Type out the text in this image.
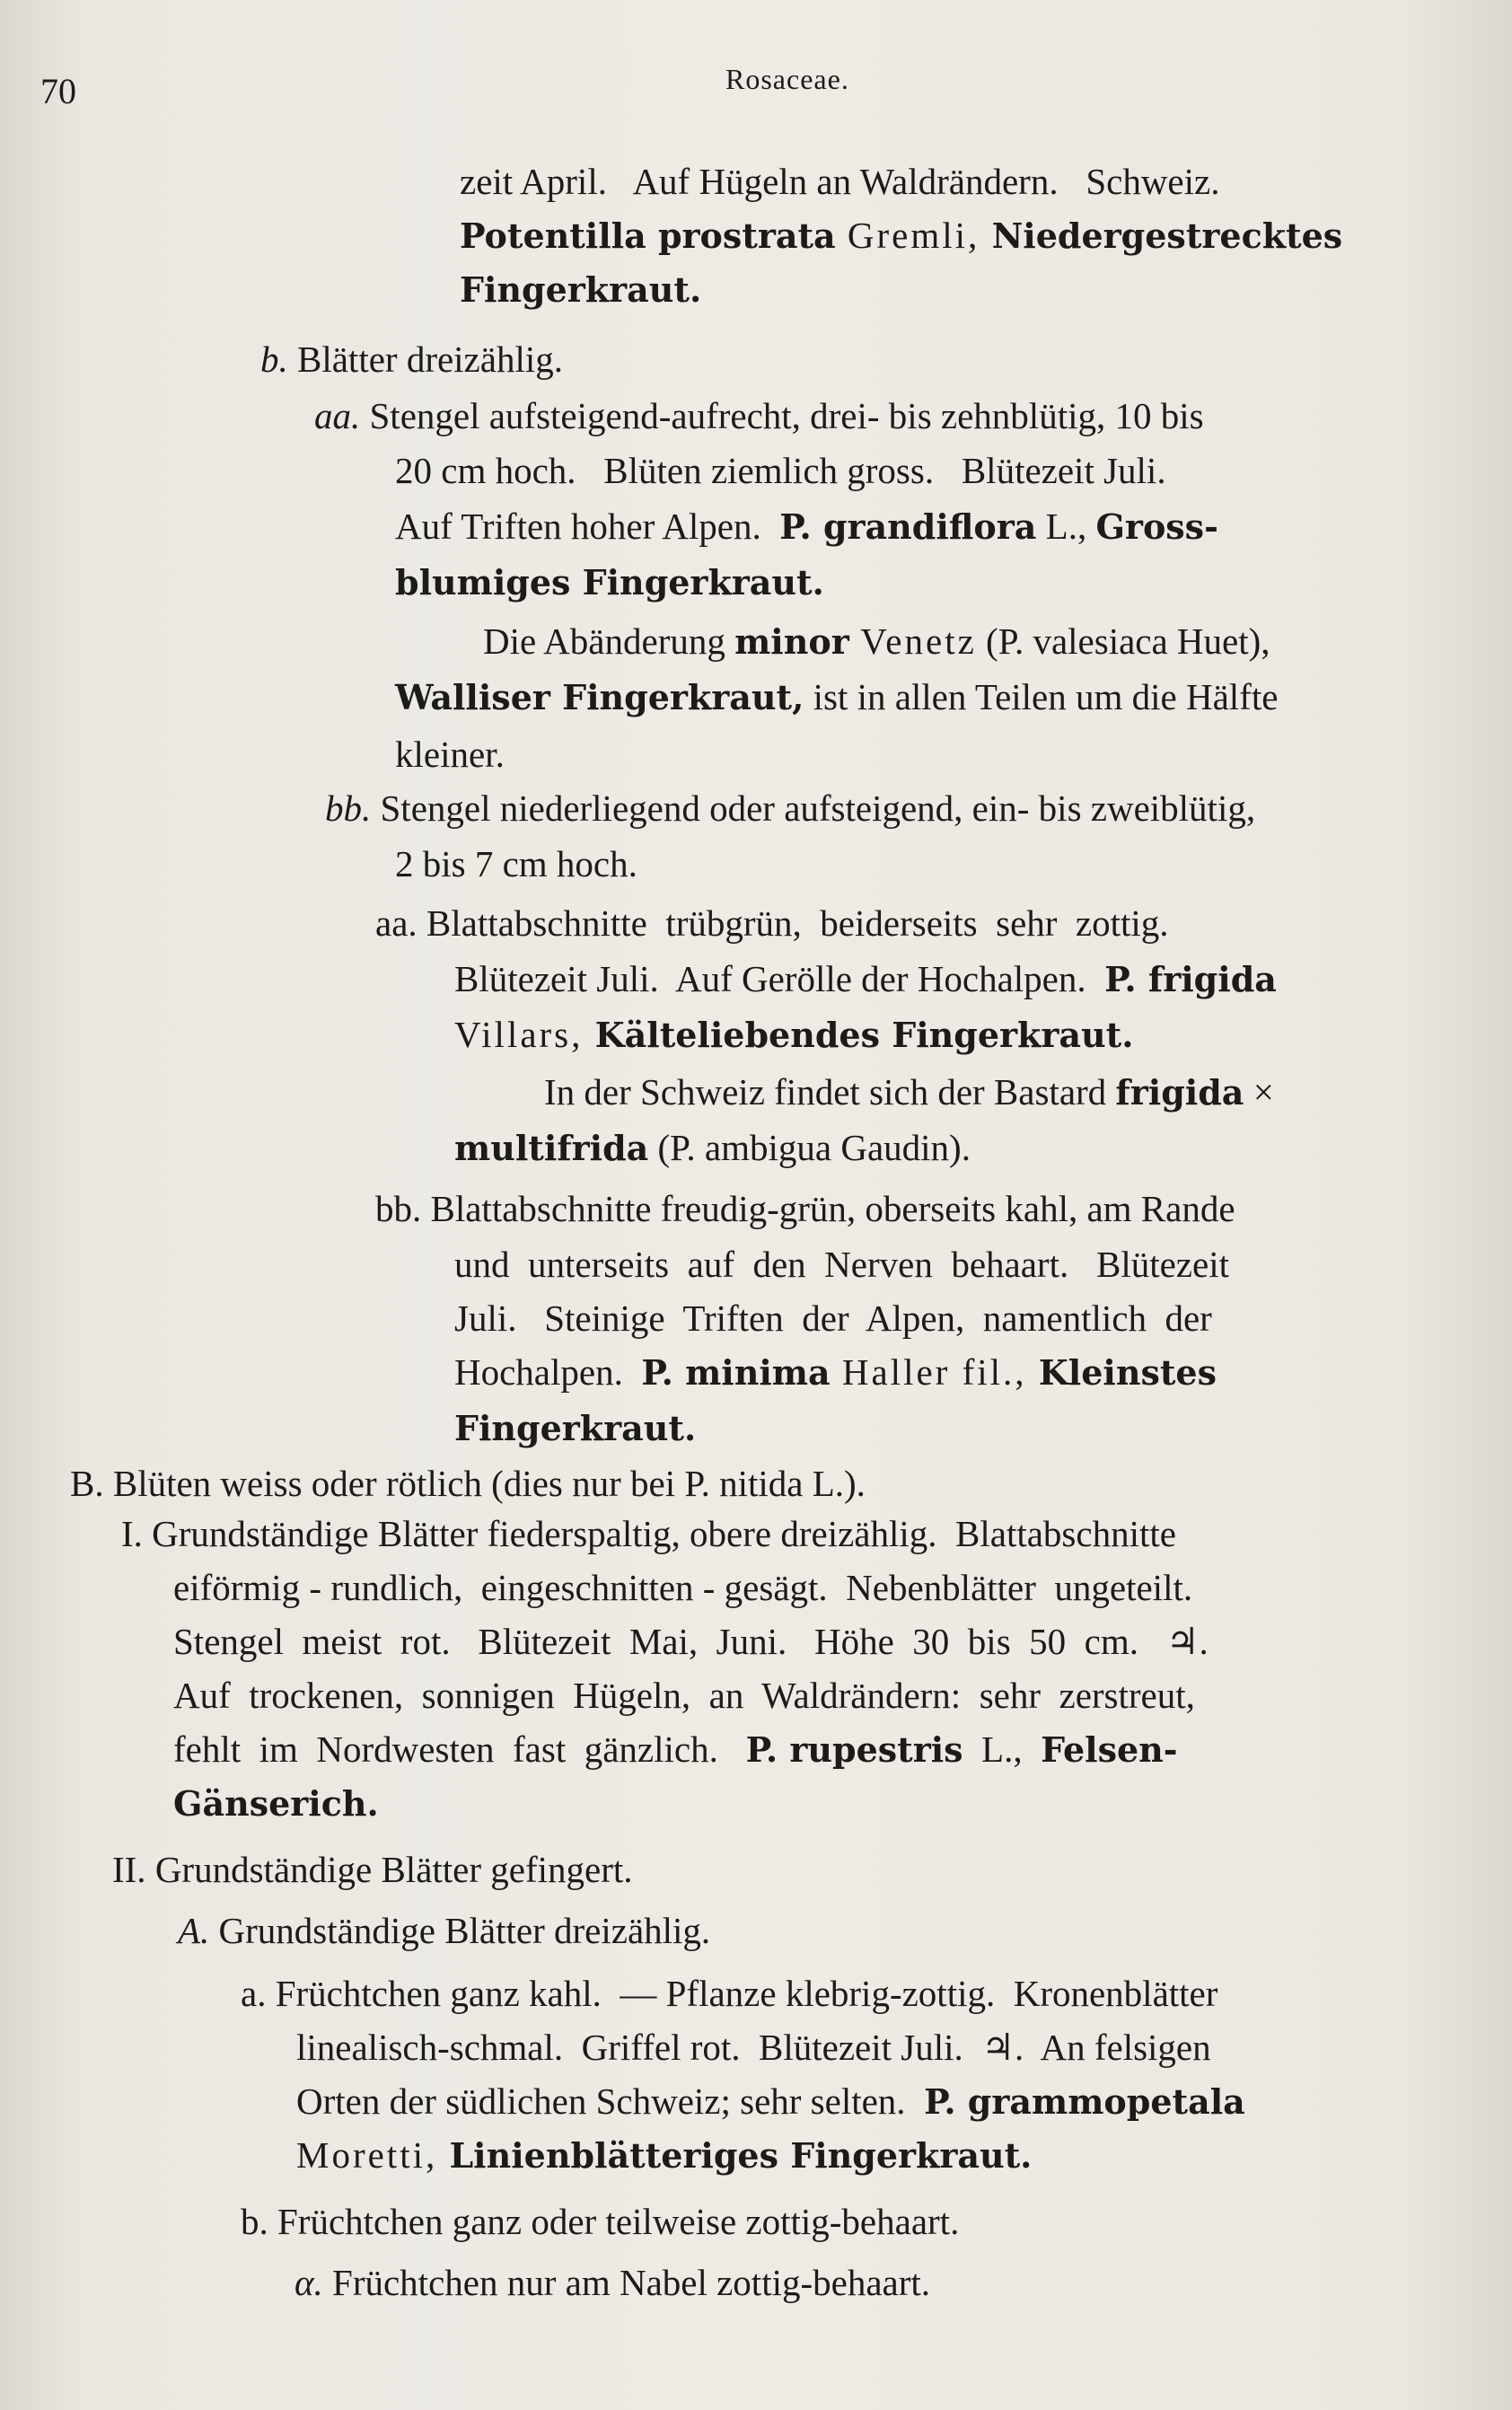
70	Rosaceae.
zeit April.   Auf Hügeln an Waldrändern.   Schweiz.
Potentilla prostrata Gremli, Niedergestrecktes
Fingerkraut.
b. Blätter dreizählig.
aa. Stengel aufsteigend-aufrecht, drei- bis zehnblütig, 10 bis
20 cm hoch.   Blüten ziemlich gross.   Blütezeit Juli.
Auf Triften hoher Alpen.  P. grandiflora L., Gross-
blumiges Fingerkraut.
Die Abänderung minor Venetz (P. valesiaca Huet),
Walliser Fingerkraut, ist in allen Teilen um die Hälfte
kleiner.
bb. Stengel niederliegend oder aufsteigend, ein- bis zweiblütig,
2 bis 7 cm hoch.
aa. Blattabschnitte  trübgrün,  beiderseits  sehr  zottig.
Blütezeit Juli.  Auf Gerölle der Hochalpen.  P. frigida
Villars, Kälteliebendes Fingerkraut.
In der Schweiz findet sich der Bastard frigida ×
multifrida (P. ambigua Gaudin).
bb. Blattabschnitte freudig-grün, oberseits kahl, am Rande
und  unterseits  auf  den  Nerven  behaart.   Blütezeit
Juli.   Steinige  Triften  der  Alpen,  namentlich  der
Hochalpen.  P. minima Haller fil., Kleinstes
Fingerkraut.
B. Blüten weiss oder rötlich (dies nur bei P. nitida L.).
I. Grundständige Blätter fiederspaltig, obere dreizählig.  Blattabschnitte
eiförmig - rundlich,  eingeschnitten - gesägt.  Nebenblätter  ungeteilt.
Stengel  meist  rot.   Blütezeit  Mai,  Juni.   Höhe  30  bis  50  cm.   ♃.
Auf  trockenen,  sonnigen  Hügeln,  an  Waldrändern:  sehr  zerstreut,
fehlt  im  Nordwesten  fast  gänzlich.   P. rupestris  L.,  Felsen-
Gänserich.
II. Grundständige Blätter gefingert.
A. Grundständige Blätter dreizählig.
a. Früchtchen ganz kahl.  — Pflanze klebrig-zottig.  Kronenblätter
linealisch-schmal.  Griffel rot.  Blütezeit Juli.  ♃.  An felsigen
Orten der südlichen Schweiz; sehr selten.  P. grammopetala
Moretti, Linienblätteriges Fingerkraut.
b. Früchtchen ganz oder teilweise zottig-behaart.
α. Früchtchen nur am Nabel zottig-behaart.
